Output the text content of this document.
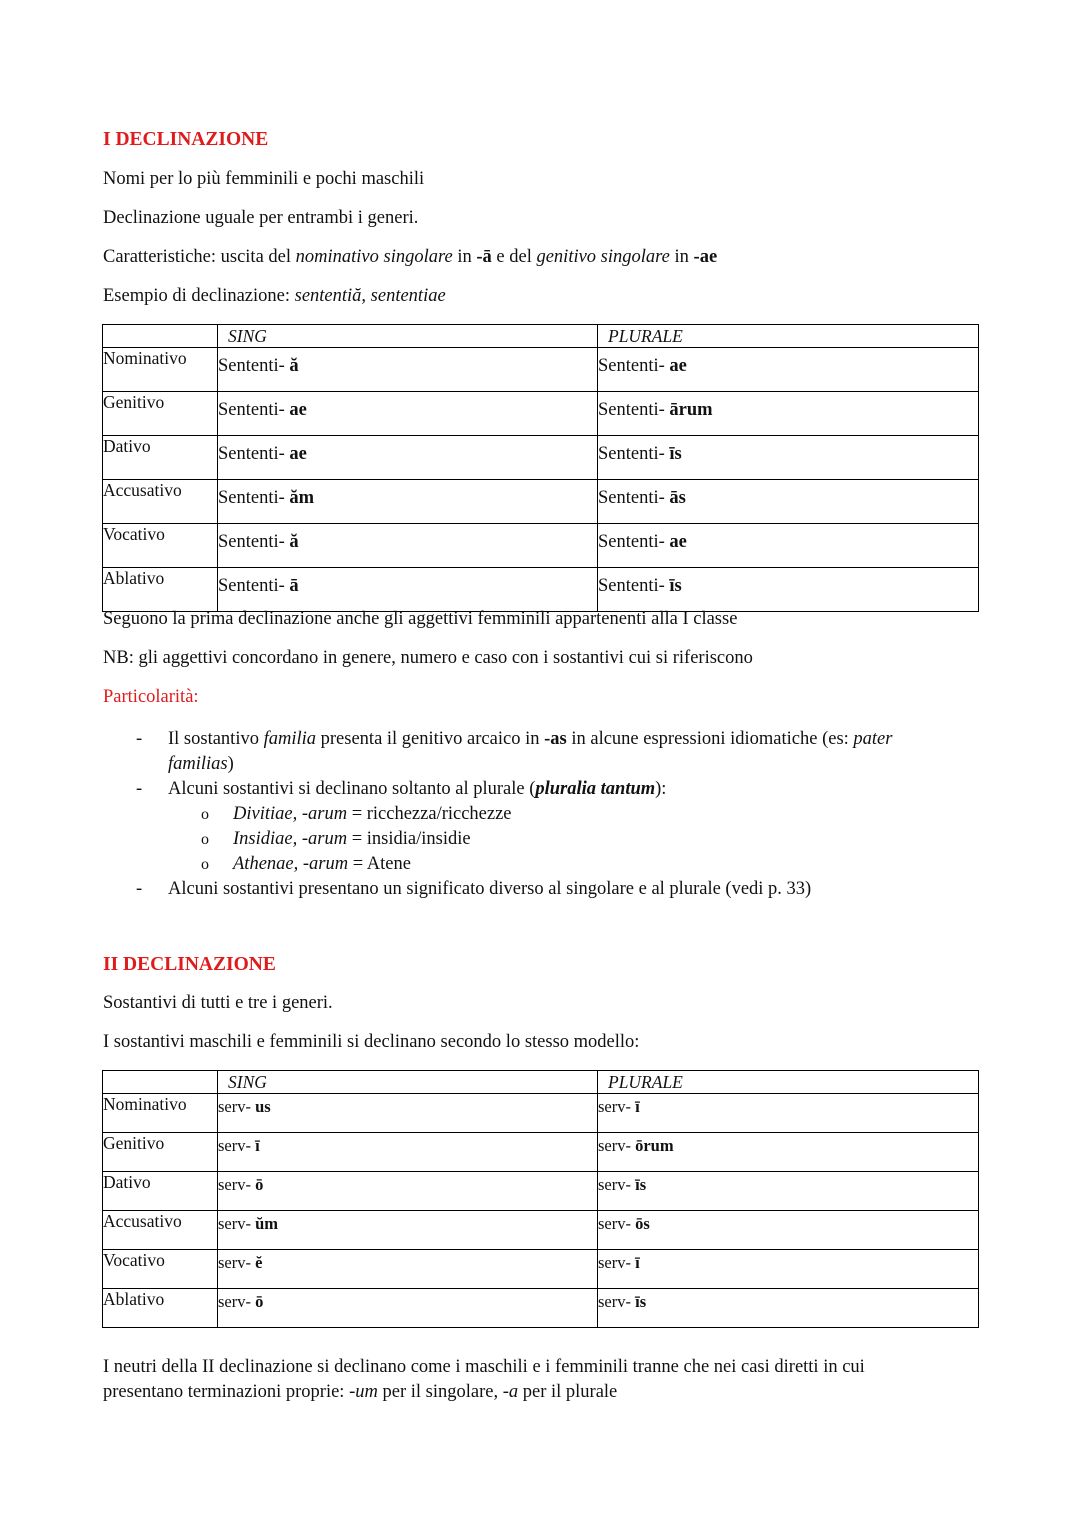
I DECLINAZIONE
Nomi per lo più femminili e pochi maschili
Declinazione uguale per entrambi i generi.
Caratteristiche: uscita del nominativo singolare in -ā e del genitivo singolare in -ae
Esempio di declinazione: sententiă, sententiae
	SING	PLURALE
Nominativo	Sententi- ă	Sententi- ae
Genitivo	Sententi- ae	Sententi- ārum
Dativo	Sententi- ae	Sententi- īs
Accusativo	Sententi- ăm	Sententi- ās
Vocativo	Sententi- ă	Sententi- ae
Ablativo	Sententi- ā	Sententi- īs
Seguono la prima declinazione anche gli aggettivi femminili appartenenti alla I classe
NB: gli aggettivi concordano in genere, numero e caso con i sostantivi cui si riferiscono
Particolarità:
- Il sostantivo familia presenta il genitivo arcaico in -as in alcune espressioni idiomatiche (es: pater
familias)
- Alcuni sostantivi si declinano soltanto al plurale (pluralia tantum):
o Divitiae, -arum = ricchezza/ricchezze
o Insidiae, -arum = insidia/insidie
o Athenae, -arum = Atene
- Alcuni sostantivi presentano un significato diverso al singolare e al plurale (vedi p. 33)
II DECLINAZIONE
Sostantivi di tutti e tre i generi.
I sostantivi maschili e femminili si declinano secondo lo stesso modello:
	SING	PLURALE
Nominativo	serv- us	serv- ī
Genitivo	serv- ī	serv- ōrum
Dativo	serv- ō	serv- īs
Accusativo	serv- ŭm	serv- ōs
Vocativo	serv- ĕ	serv- ī
Ablativo	serv- ō	serv- īs
I neutri della II declinazione si declinano come i maschili e i femminili tranne che nei casi diretti in cui
presentano terminazioni proprie: -um per il singolare, -a per il plurale
